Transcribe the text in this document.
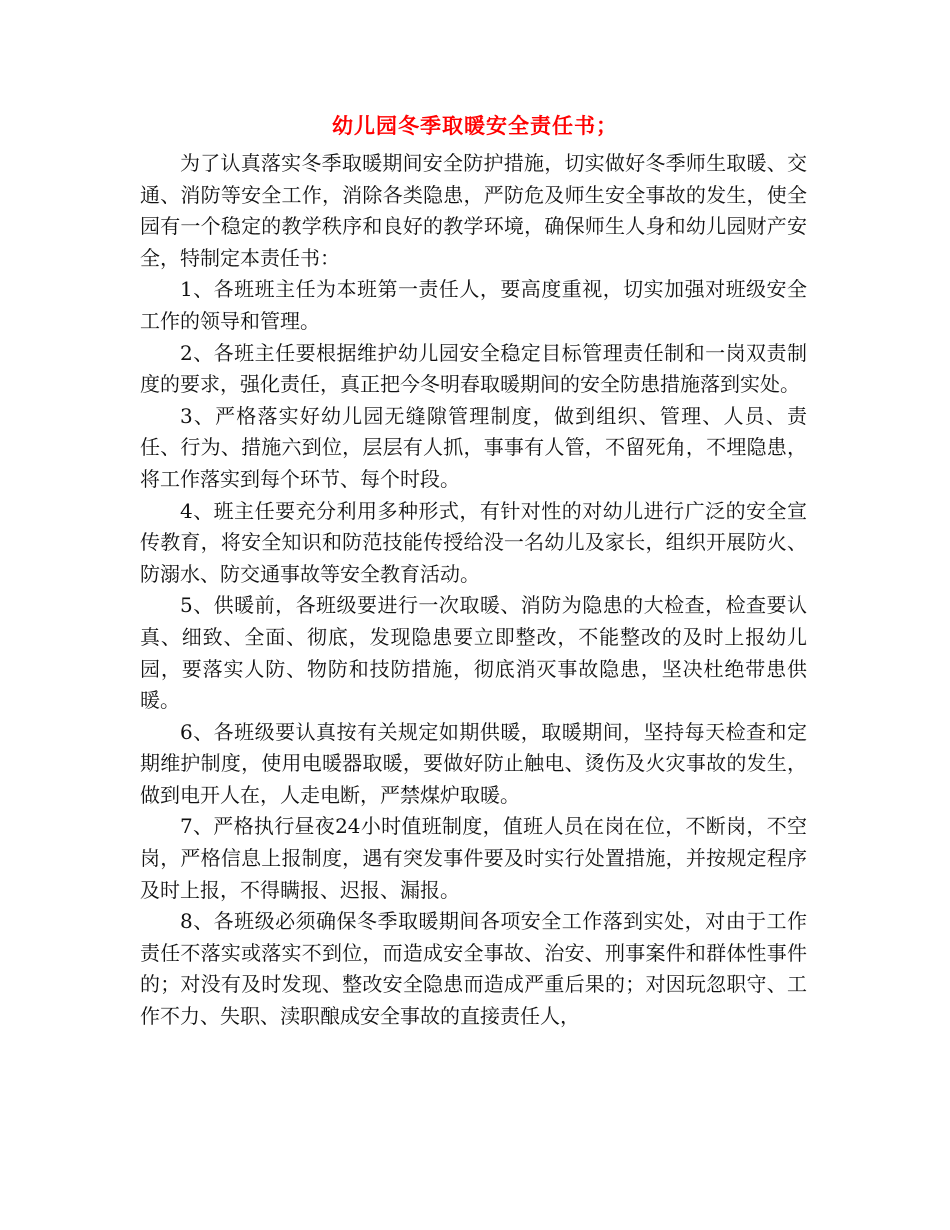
幼儿园冬季取暖安全责任书；

为了认真落实冬季取暖期间安全防护措施，切实做好冬季师生取暖、交通、消防等安全工作，消除各类隐患，严防危及师生安全事故的发生，使全园有一个稳定的教学秩序和良好的教学环境，确保师生人身和幼儿园财产安全，特制定本责任书：

1、各班班主任为本班第一责任人，要高度重视，切实加强对班级安全工作的领导和管理。

2、各班主任要根据维护幼儿园安全稳定目标管理责任制和一岗双责制度的要求，强化责任，真正把今冬明春取暖期间的安全防患措施落到实处。

3、严格落实好幼儿园无缝隙管理制度，做到组织、管理、人员、责任、行为、措施六到位，层层有人抓，事事有人管，不留死角，不埋隐患，将工作落实到每个环节、每个时段。

4、班主任要充分利用多种形式，有针对性的对幼儿进行广泛的安全宣传教育，将安全知识和防范技能传授给没一名幼儿及家长，组织开展防火、防溺水、防交通事故等安全教育活动。

5、供暖前，各班级要进行一次取暖、消防为隐患的大检查，检查要认真、细致、全面、彻底，发现隐患要立即整改，不能整改的及时上报幼儿园，要落实人防、物防和技防措施，彻底消灭事故隐患，坚决杜绝带患供暖。

6、各班级要认真按有关规定如期供暖，取暖期间，坚持每天检查和定期维护制度，使用电暖器取暖，要做好防止触电、烫伤及火灾事故的发生，做到电开人在，人走电断，严禁煤炉取暖。

7、严格执行昼夜24小时值班制度，值班人员在岗在位，不断岗，不空岗，严格信息上报制度，遇有突发事件要及时实行处置措施，并按规定程序及时上报，不得瞒报、迟报、漏报。

8、各班级必须确保冬季取暖期间各项安全工作落到实处，对由于工作责任不落实或落实不到位，而造成安全事故、治安、刑事案件和群体性事件的；对没有及时发现、整改安全隐患而造成严重后果的；对因玩忽职守、工作不力、失职、渎职酿成安全事故的直接责任人，
